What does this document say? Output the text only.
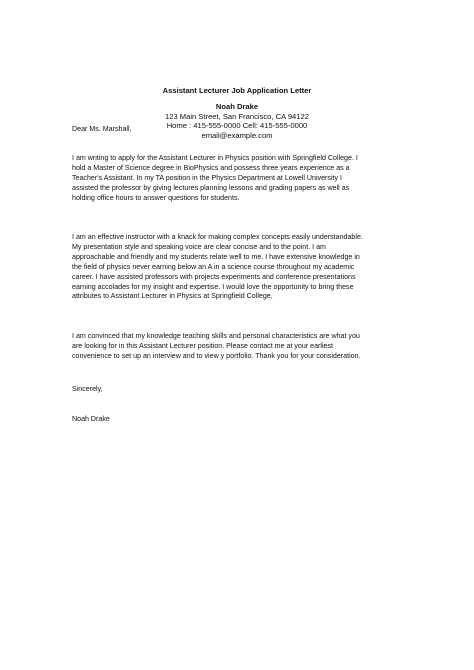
Assistant Lecturer Job Application Letter
Noah Drake
123 Main Street, San Francisco, CA 94122
Home : 415-555-0000 Cell: 415-555-0000
email@example.com
Dear Ms. Marshall,
I am writing to apply for the Assistant Lecturer in Physics position with Springfield College. I
hold a Master of Science degree in BioPhysics and possess three years experience as a
Teacher's Assistant. In my TA position in the Physics Department at Lowell University I
assisted the professor by giving lectures planning lessons and grading papers as well as
holding office hours to answer questions for students.
I am an effective instructor with a knack for making complex concepts easily understandable.
My presentation style and speaking voice are clear concise and to the point. I am
approachable and friendly and my students relate well to me. I have extensive knowledge in
the field of physics never earning below an A in a science course throughout my academic
career. I have assisted professors with projects experiments and conference presentations
earning accolades for my insight and expertise. I would love the opportunity to bring these
attributes to Assistant Lecturer in Physics at Springfield College.
I am convinced that my knowledge teaching skills and personal characteristics are what you
are looking for in this Assistant Lecturer position. Please contact me at your earliest
convenience to set up an interview and to view y portfolio. Thank you for your consideration.
Sincerely,
Noah Drake
